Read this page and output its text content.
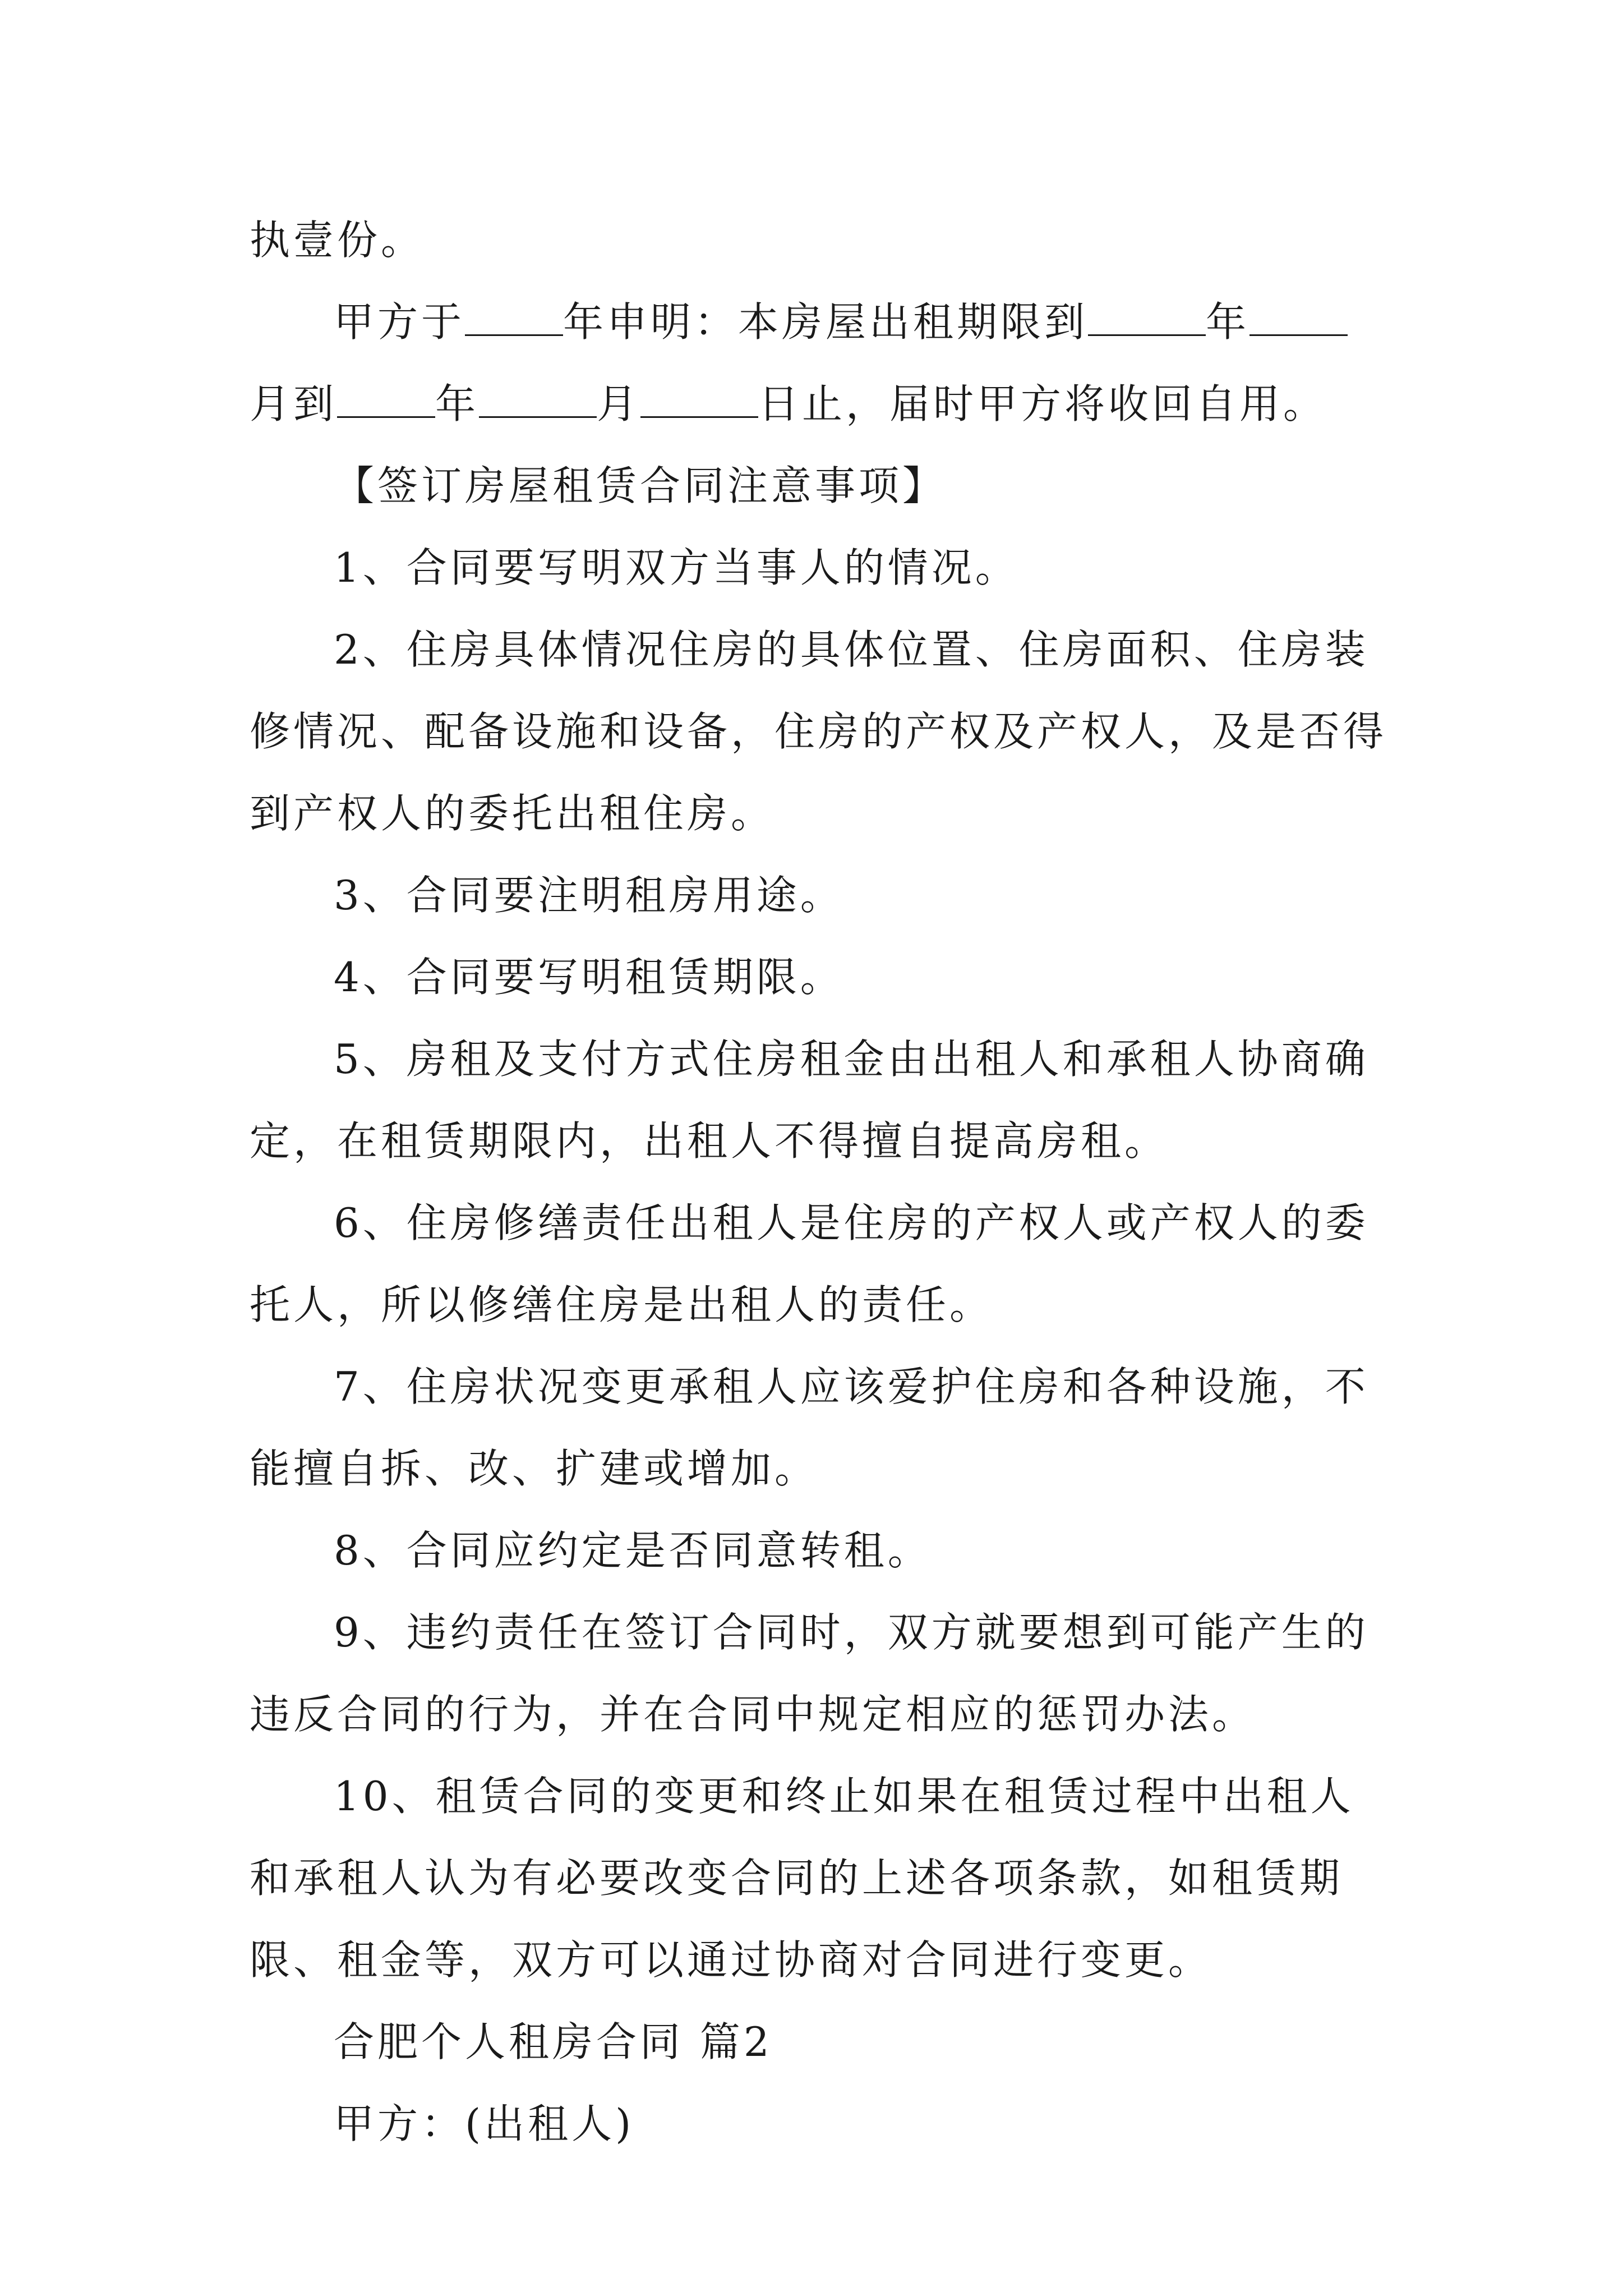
执壹份。

甲方于 年申明：本房屋出租期限到	年月到 年	月	日止，届时甲方将收回自用。

【签订房屋租赁合同注意事项】

1、合同要写明双方当事人的情况。

2、住房具体情况住房的具体位置、住房面积、住房装修情况、配备设施和设备，住房的产权及产权人，及是否得到产权人的委托出租住房。

3、合同要注明租房用途。

4、合同要写明租赁期限。

5、房租及支付方式住房租金由出租人和承租人协商确定，在租赁期限内，出租人不得擅自提高房租。

6、住房修缮责任出租人是住房的产权人或产权人的委托人，所以修缮住房是出租人的责任。

7、住房状况变更承租人应该爱护住房和各种设施，不能擅自拆、改、扩建或增加。

8、合同应约定是否同意转租。

9、违约责任在签订合同时，双方就要想到可能产生的违反合同的行为，并在合同中规定相应的惩罚办法。

10、租赁合同的变更和终止如果在租赁过程中出租人和承租人认为有必要改变合同的上述各项条款，如租赁期限、租金等，双方可以通过协商对合同进行变更。

合肥个人租房合同 篇2

甲方：(出租人)
